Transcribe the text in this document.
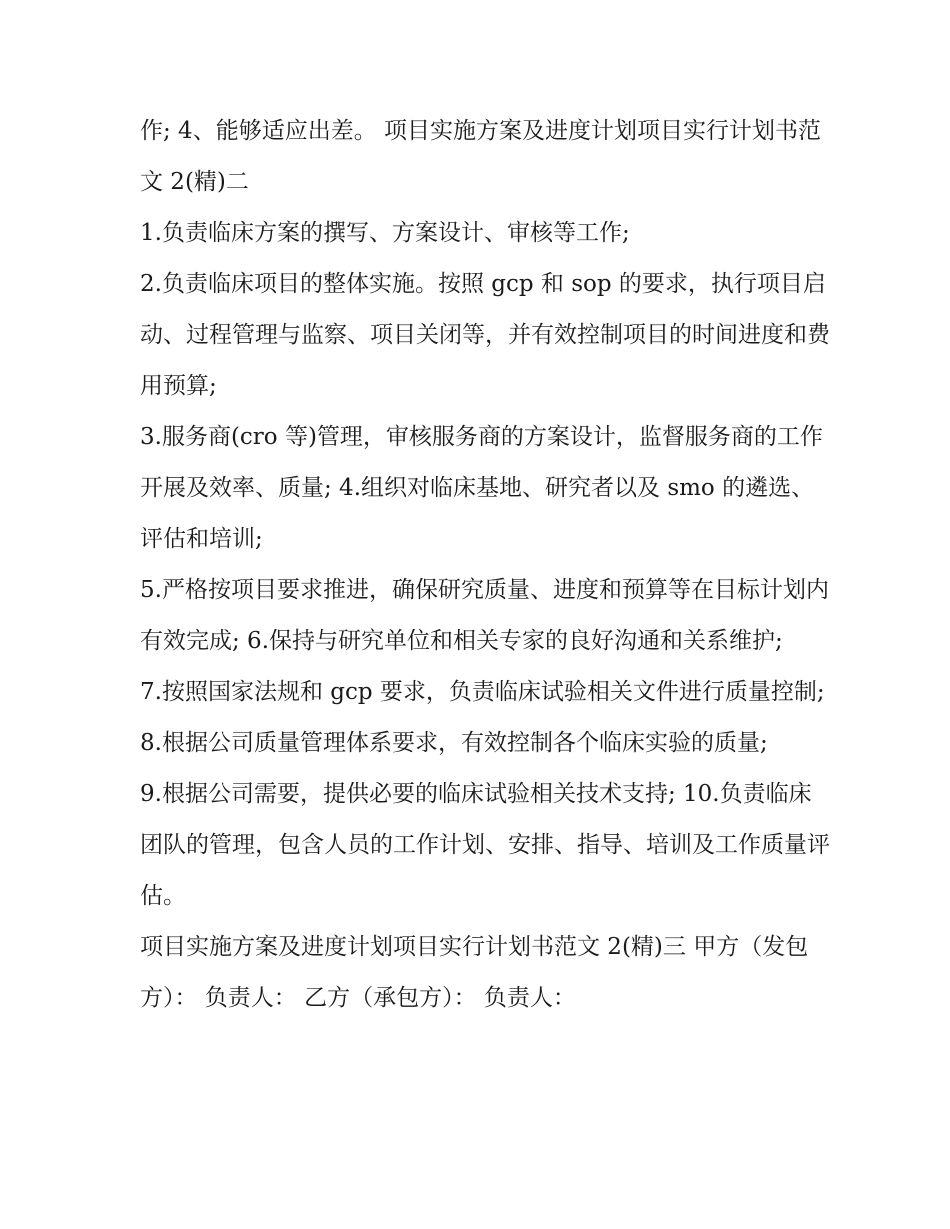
作; 4、能够适应出差。 项目实施方案及进度计划项目实行计划书范文 2(精)二

1.负责临床方案的撰写、方案设计、审核等工作;

2.负责临床项目的整体实施。按照 gcp 和 sop 的要求，执行项目启动、过程管理与监察、项目关闭等，并有效控制项目的时间进度和费用预算;

3.服务商(cro 等)管理，审核服务商的方案设计，监督服务商的工作开展及效率、质量; 4.组织对临床基地、研究者以及 smo 的遴选、评估和培训;

5.严格按项目要求推进，确保研究质量、进度和预算等在目标计划内有效完成; 6.保持与研究单位和相关专家的良好沟通和关系维护;

7.按照国家法规和 gcp 要求，负责临床试验相关文件进行质量控制; 8.根据公司质量管理体系要求，有效控制各个临床实验的质量;

9.根据公司需要，提供必要的临床试验相关技术支持; 10.负责临床团队的管理，包含人员的工作计划、安排、指导、培训及工作质量评估。

项目实施方案及进度计划项目实行计划书范文 2(精)三 甲方（发包方）： 负责人： 乙方（承包方）： 负责人：
